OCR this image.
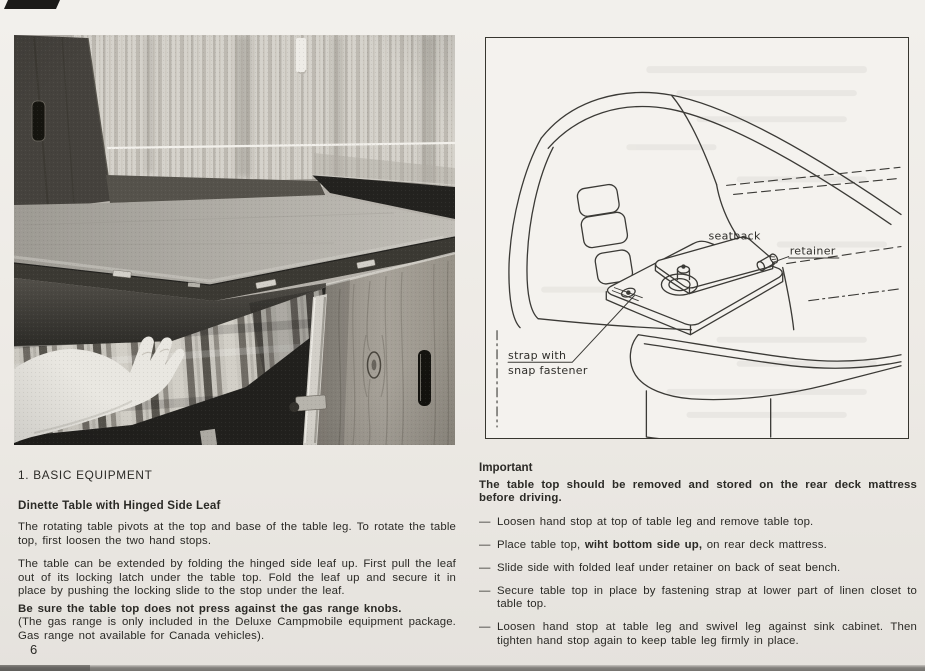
seatback
retainer
strap with
snap fastener
1. BASIC EQUIPMENT
Dinette Table with Hinged Side Leaf

The rotating table pivots at the top and base of the table leg. To rotate the table top, first loosen the two hand stops.

The table can be extended by folding the hinged side leaf up. First pull the leaf out of its locking latch under the table top. Fold the leaf up and secure it in place by pushing the locking slide to the stop under the leaf.

Be sure the table top does not press against the gas range knobs.

(The gas range is only included in the Deluxe Campmobile equipment package. Gas range not available for Canada vehicles).

Important

The table top should be removed and stored on the rear deck mattress before driving.

— Loosen hand stop at top of table leg and remove table top.
— Place table top, wiht bottom side up, on rear deck mattress.
— Slide side with folded leaf under retainer on back of seat bench.
— Secure table top in place by fastening strap at lower part of linen closet to table top.
— Loosen hand stop at table leg and swivel leg against sink cabinet. Then tighten hand stop again to keep table leg firmly in place.
6
